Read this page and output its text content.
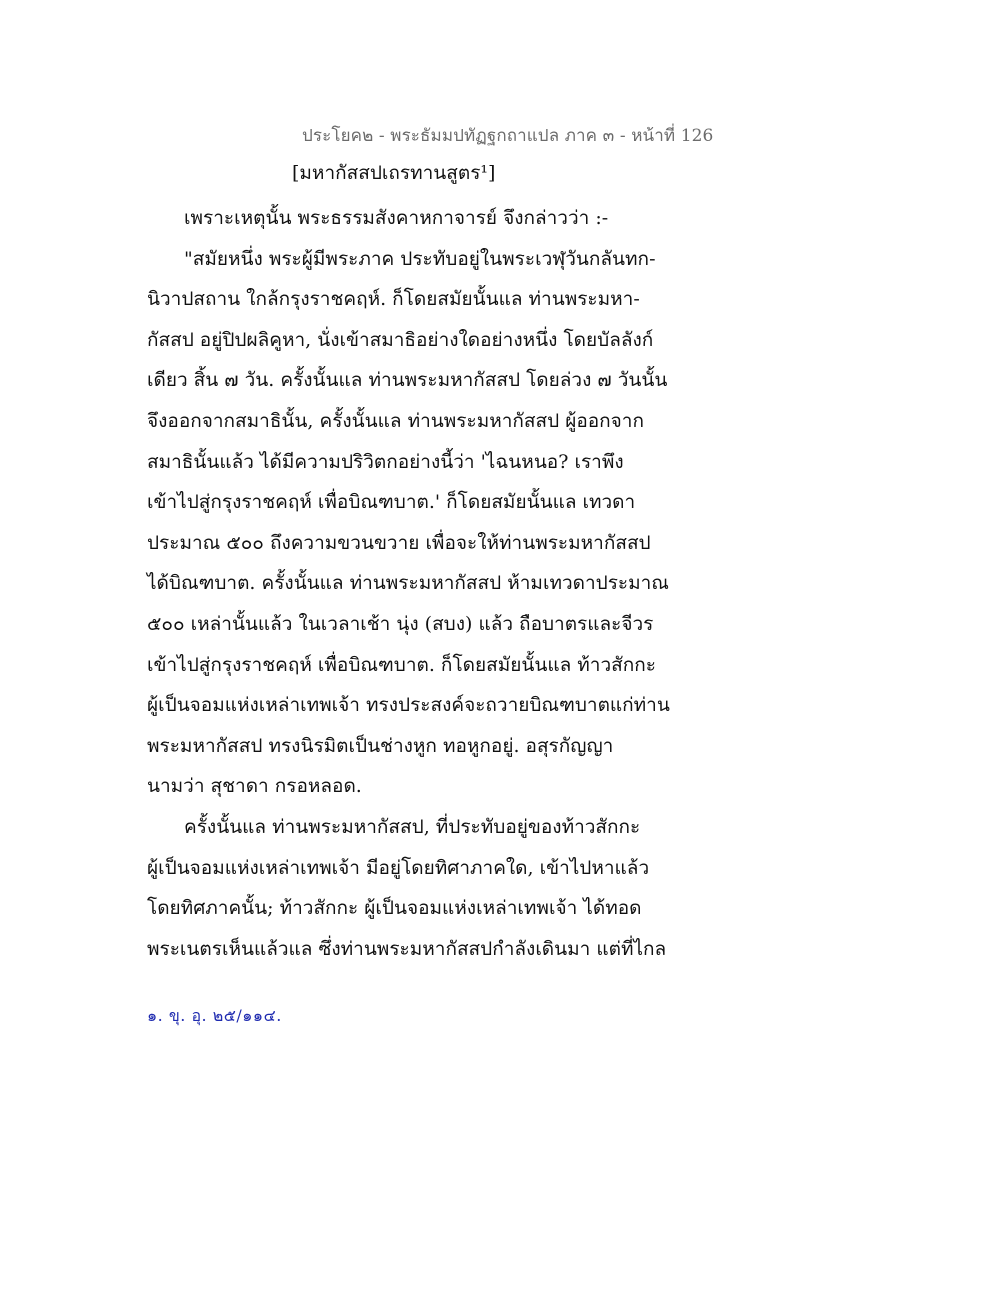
ประโยค๒ - พระธัมมปทัฏฐกถาแปล ภาค ๓ - หน้าที่ 126
[มหากัสสปเถรทานสูตร¹]
เพราะเหตุนั้น พระธรรมสังคาหกาจารย์ จึงกล่าวว่า :-
"สมัยหนึ่ง พระผู้มีพระภาค ประทับอยู่ในพระเวฬุวันกลันทก-
นิวาปสถาน ใกล้กรุงราชคฤห์. ก็โดยสมัยนั้นแล ท่านพระมหา-
กัสสป อยู่ปิปผลิคูหา, นั่งเข้าสมาธิอย่างใดอย่างหนึ่ง โดยบัลลังก์
เดียว สิ้น ๗ วัน. ครั้งนั้นแล ท่านพระมหากัสสป โดยล่วง ๗ วันนั้น
จึงออกจากสมาธินั้น, ครั้งนั้นแล ท่านพระมหากัสสป ผู้ออกจาก
สมาธินั้นแล้ว ได้มีความปริวิตกอย่างนี้ว่า 'ไฉนหนอ? เราพึง
เข้าไปสู่กรุงราชคฤห์ เพื่อบิณฑบาต.' ก็โดยสมัยนั้นแล เทวดา
ประมาณ ๕๐๐ ถึงความขวนขวาย เพื่อจะให้ท่านพระมหากัสสป
ได้บิณฑบาต. ครั้งนั้นแล ท่านพระมหากัสสป ห้ามเทวดาประมาณ
๕๐๐ เหล่านั้นแล้ว ในเวลาเช้า นุ่ง (สบง) แล้ว ถือบาตรและจีวร
เข้าไปสู่กรุงราชคฤห์ เพื่อบิณฑบาต. ก็โดยสมัยนั้นแล ท้าวสักกะ
ผู้เป็นจอมแห่งเหล่าเทพเจ้า ทรงประสงค์จะถวายบิณฑบาตแก่ท่าน
พระมหากัสสป ทรงนิรมิตเป็นช่างหูก ทอหูกอยู่. อสุรกัญญา
นามว่า สุชาดา กรอหลอด.
ครั้งนั้นแล ท่านพระมหากัสสป, ที่ประทับอยู่ของท้าวสักกะ
ผู้เป็นจอมแห่งเหล่าเทพเจ้า มีอยู่โดยทิศาภาคใด, เข้าไปหาแล้ว
โดยทิศภาคนั้น; ท้าวสักกะ ผู้เป็นจอมแห่งเหล่าเทพเจ้า ได้ทอด
พระเนตรเห็นแล้วแล ซึ่งท่านพระมหากัสสปกำลังเดินมา แต่ที่ไกล
๑. ขุ. อุ. ๒๕/๑๑๔.
